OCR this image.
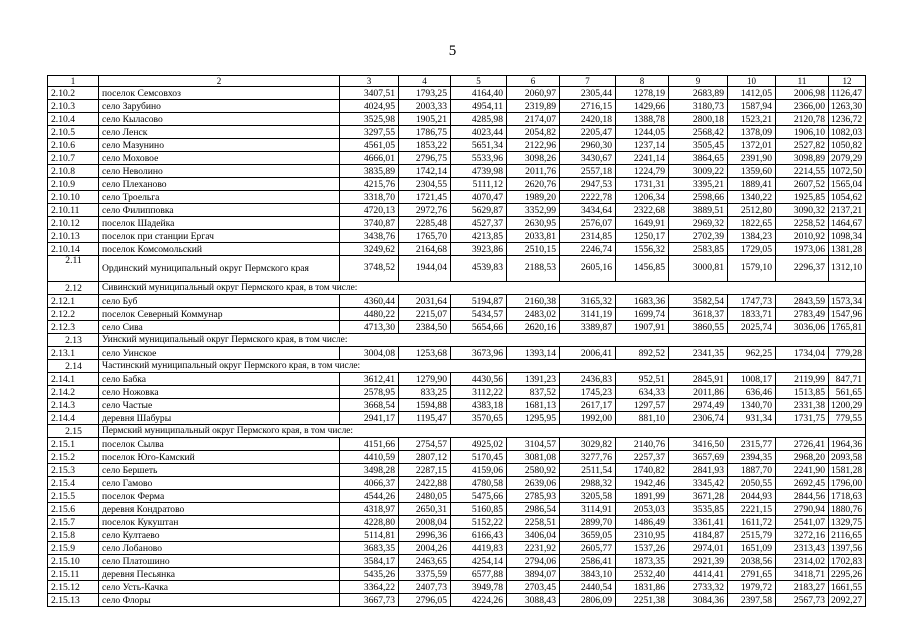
5
1	2	3	4	5	6	7	8	9	10	11	12
2.10.2	поселок Семсовхоз	3407,51	1793,25	4164,40	2060,97	2305,44	1278,19	2683,89	1412,05	2006,98	1126,47
2.10.3	село Зарубино	4024,95	2003,33	4954,11	2319,89	2716,15	1429,66	3180,73	1587,94	2366,00	1263,30
2.10.4	село Кыласово	3525,98	1905,21	4285,98	2174,07	2420,18	1388,78	2800,18	1523,21	2120,78	1236,72
2.10.5	село Ленск	3297,55	1786,75	4023,44	2054,82	2205,47	1244,05	2568,42	1378,09	1906,10	1082,03
2.10.6	село Мазунино	4561,05	1853,22	5651,34	2122,96	2960,30	1237,14	3505,45	1372,01	2527,82	1050,82
2.10.7	село Моховое	4666,01	2796,75	5533,96	3098,26	3430,67	2241,14	3864,65	2391,90	3098,89	2079,29
2.10.8	село Неволино	3835,89	1742,14	4739,98	2011,76	2557,18	1224,79	3009,22	1359,60	2214,55	1072,50
2.10.9	село Плеханово	4215,76	2304,55	5111,12	2620,76	2947,53	1731,31	3395,21	1889,41	2607,52	1565,04
2.10.10	село Троельга	3318,70	1721,45	4070,47	1989,20	2222,78	1206,34	2598,66	1340,22	1925,85	1054,62
2.10.11	село Филипповка	4720,13	2972,76	5629,87	3352,99	3434,64	2322,68	3889,51	2512,80	3090,32	2137,21
2.10.12	поселок Шадейка	3740,87	2285,48	4527,37	2630,95	2576,07	1649,91	2969,32	1822,65	2258,52	1464,67
2.10.13	поселок при станции Ергач	3438,76	1765,70	4213,85	2033,81	2314,85	1250,17	2702,39	1384,23	2010,92	1098,34
2.10.14	поселок Комсомольский	3249,62	2164,68	3923,86	2510,15	2246,74	1556,32	2583,85	1729,05	1973,06	1381,28
2.11	Ординский муниципальный округ Пермского края	3748,52	1944,04	4539,83	2188,53	2605,16	1456,85	3000,81	1579,10	2296,37	1312,10
2.12	Сивинский муниципальный округ Пермского края, в том числе:										
2.12.1	село Буб	4360,44	2031,64	5194,87	2160,38	3165,32	1683,36	3582,54	1747,73	2843,59	1573,34
2.12.2	поселок Северный Коммунар	4480,22	2215,07	5434,57	2483,02	3141,19	1699,74	3618,37	1833,71	2783,49	1547,96
2.12.3	село Сива	4713,30	2384,50	5654,66	2620,16	3389,87	1907,91	3860,55	2025,74	3036,06	1765,81
2.13	Уинский муниципальный округ Пермского края, в том числе:										
2.13.1	село Уинское	3004,08	1253,68	3673,96	1393,14	2006,41	892,52	2341,35	962,25	1734,04	779,28
2.14	Частинский муниципальный округ Пермского края, в том числе:										
2.14.1	село Бабка	3612,41	1279,90	4430,56	1391,23	2436,83	952,51	2845,91	1008,17	2119,99	847,71
2.14.2	село Ножовка	2578,95	833,25	3112,22	837,52	1745,23	634,33	2011,86	636,46	1513,85	561,65
2.14.3	село Частые	3668,54	1594,88	4383,18	1681,13	2617,17	1297,57	2974,49	1340,70	2331,38	1200,29
2.14.4	деревня Шабуры	2941,17	1195,47	3570,65	1295,95	1992,00	881,10	2306,74	931,34	1731,75	779,55
2.15	Пермский муниципальный округ Пермского края, в том числе:										
2.15.1	поселок Сылва	4151,66	2754,57	4925,02	3104,57	3029,82	2140,76	3416,50	2315,77	2726,41	1964,36
2.15.2	поселок Юго-Камский	4410,59	2807,12	5170,45	3081,08	3277,76	2257,37	3657,69	2394,35	2968,20	2093,58
2.15.3	село Бершеть	3498,28	2287,15	4159,06	2580,92	2511,54	1740,82	2841,93	1887,70	2241,90	1581,28
2.15.4	село Гамово	4066,37	2422,88	4780,58	2639,06	2988,32	1942,46	3345,42	2050,55	2692,45	1796,00
2.15.5	поселок Ферма	4544,26	2480,05	5475,66	2785,93	3205,58	1891,99	3671,28	2044,93	2844,56	1718,63
2.15.6	деревня Кондратово	4318,97	2650,31	5160,85	2986,54	3114,91	2053,03	3535,85	2221,15	2790,94	1880,76
2.15.7	поселок Кукуштан	4228,80	2008,04	5152,22	2258,51	2899,70	1486,49	3361,41	1611,72	2541,07	1329,75
2.15.8	село Култаево	5114,81	2996,36	6166,43	3406,04	3659,05	2310,95	4184,87	2515,79	3272,16	2116,65
2.15.9	село Лобаново	3683,35	2004,26	4419,83	2231,92	2605,77	1537,26	2974,01	1651,09	2313,43	1397,56
2.15.10	село Платошино	3584,17	2463,65	4254,14	2794,06	2586,41	1873,35	2921,39	2038,56	2314,02	1702,83
2.15.11	деревня Песьянка	5435,26	3375,59	6577,88	3894,07	3843,10	2532,40	4414,41	2791,65	3418,71	2295,26
2.15.12	село Усть-Качка	3364,22	2407,73	3949,78	2703,45	2440,54	1831,86	2733,32	1979,72	2183,27	1661,55
2.15.13	село Флоры	3667,73	2796,05	4224,26	3088,43	2806,09	2251,38	3084,36	2397,58	2567,73	2092,27
